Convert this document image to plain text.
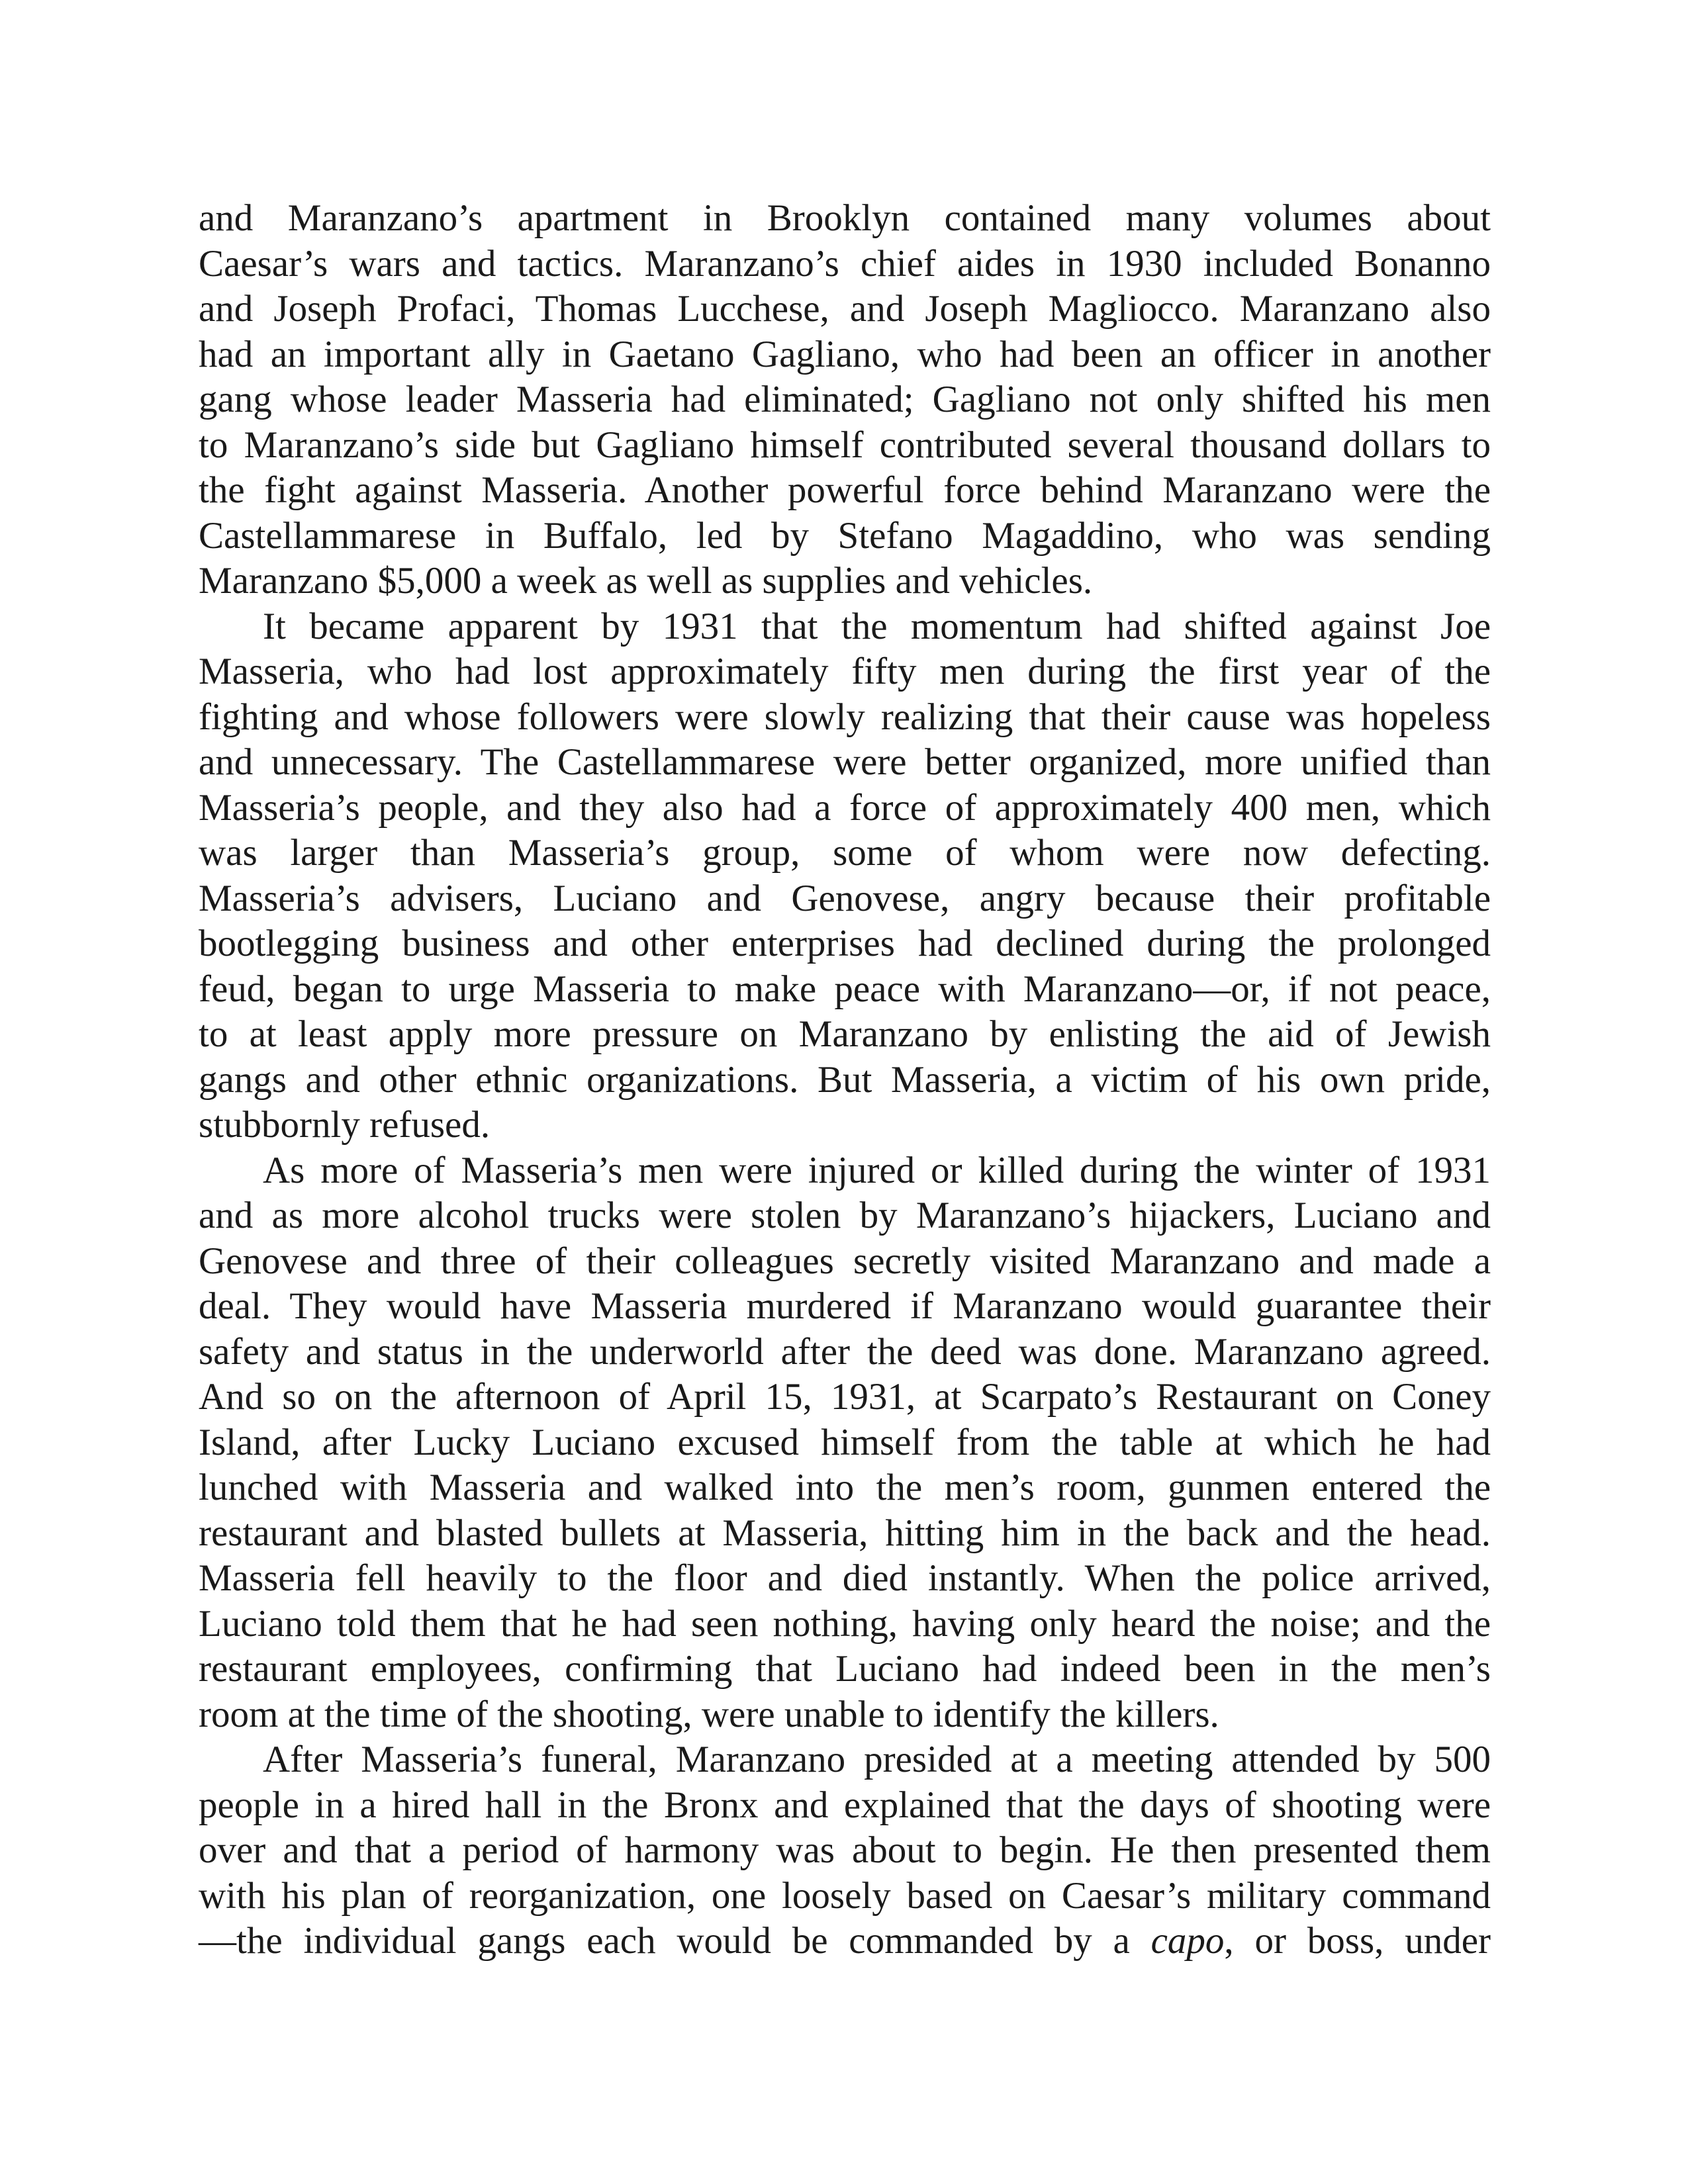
and Maranzano’s apartment in Brooklyn contained many volumes about
Caesar’s wars and tactics. Maranzano’s chief aides in 1930 included Bonanno
and Joseph Profaci, Thomas Lucchese, and Joseph Magliocco. Maranzano also
had an important ally in Gaetano Gagliano, who had been an officer in another
gang whose leader Masseria had eliminated; Gagliano not only shifted his men
to Maranzano’s side but Gagliano himself contributed several thousand dollars to
the fight against Masseria. Another powerful force behind Maranzano were the
Castellammarese in Buffalo, led by Stefano Magaddino, who was sending
Maranzano $5,000 a week as well as supplies and vehicles.

It became apparent by 1931 that the momentum had shifted against Joe
Masseria, who had lost approximately fifty men during the first year of the
fighting and whose followers were slowly realizing that their cause was hopeless
and unnecessary. The Castellammarese were better organized, more unified than
Masseria’s people, and they also had a force of approximately 400 men, which
was larger than Masseria’s group, some of whom were now defecting.
Masseria’s advisers, Luciano and Genovese, angry because their profitable
bootlegging business and other enterprises had declined during the prolonged
feud, began to urge Masseria to make peace with Maranzano—or, if not peace,
to at least apply more pressure on Maranzano by enlisting the aid of Jewish
gangs and other ethnic organizations. But Masseria, a victim of his own pride,
stubbornly refused.

As more of Masseria’s men were injured or killed during the winter of 1931
and as more alcohol trucks were stolen by Maranzano’s hijackers, Luciano and
Genovese and three of their colleagues secretly visited Maranzano and made a
deal. They would have Masseria murdered if Maranzano would guarantee their
safety and status in the underworld after the deed was done. Maranzano agreed.
And so on the afternoon of April 15, 1931, at Scarpato’s Restaurant on Coney
Island, after Lucky Luciano excused himself from the table at which he had
lunched with Masseria and walked into the men’s room, gunmen entered the
restaurant and blasted bullets at Masseria, hitting him in the back and the head.
Masseria fell heavily to the floor and died instantly. When the police arrived,
Luciano told them that he had seen nothing, having only heard the noise; and the
restaurant employees, confirming that Luciano had indeed been in the men’s
room at the time of the shooting, were unable to identify the killers.

After Masseria’s funeral, Maranzano presided at a meeting attended by 500
people in a hired hall in the Bronx and explained that the days of shooting were
over and that a period of harmony was about to begin. He then presented them
with his plan of reorganization, one loosely based on Caesar’s military command
—the individual gangs each would be commanded by a capo, or boss, under
